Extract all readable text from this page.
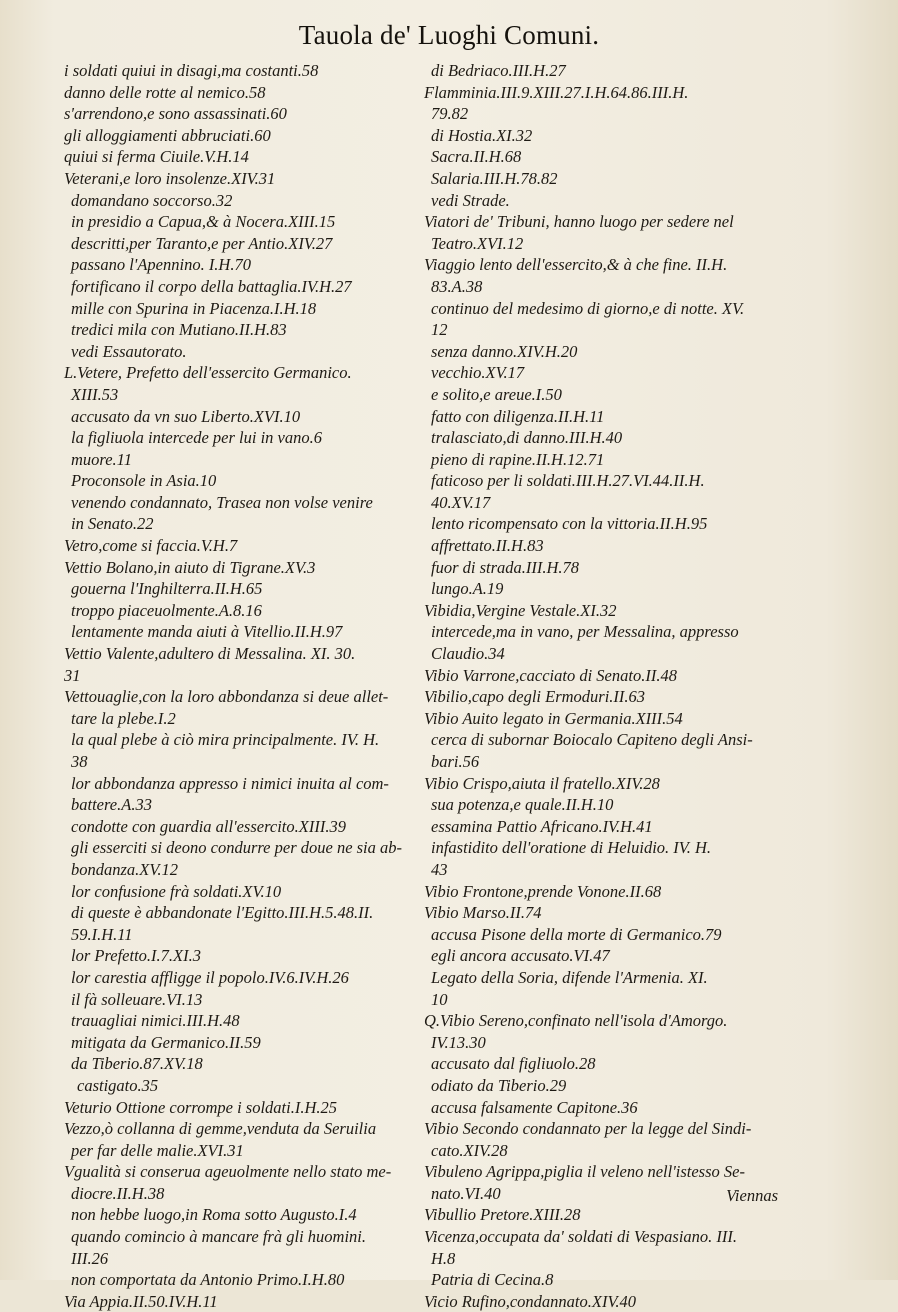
Tauola de' Luoghi Comuni.
i soldati quiui in disagi,ma costanti.58
danno delle rotte al nemico.58
s'arrendono,e sono assassinati.60
gli alloggiamenti abbruciati.60
quiui si ferma Ciuile.V.H.14
Veterani,e loro insolenze.XIV.31
domandano soccorso.32
in presidio a Capua,& à Nocera.XIII.15
descritti,per Taranto,e per Antio.XIV.27
passano l'Apennino. I.H.70
fortificano il corpo della battaglia.IV.H.27
mille con Spurina in Piacenza.I.H.18
tredici mila con Mutiano.II.H.83
vedi Essautorato.
L.Vetere, Prefetto dell'essercito Germanico.
XIII.53
accusato da vn suo Liberto.XVI.10
la figliuola intercede per lui in vano.6
muore.11
Proconsole in Asia.10
venendo condannato, Trasea non volse venire
in Senato.22
Vetro,come si faccia.V.H.7
Vettio Bolano,in aiuto di Tigrane.XV.3
gouerna l'Inghilterra.II.H.65
troppo piaceuolmente.A.8.16
lentamente manda aiuti à Vitellio.II.H.97
Vettio Valente,adultero di Messalina. XI. 30.
31
Vettouaglie,con la loro abbondanza si deue allet-
tare la plebe.I.2
la qual plebe à ciò mira principalmente. IV. H.
38
lor abbondanza appresso i nimici inuita al com-
battere.A.33
condotte con guardia all'essercito.XIII.39
gli esserciti si deono condurre per doue ne sia ab-
bondanza.XV.12
lor confusione frà soldati.XV.10
di queste è abbandonate l'Egitto.III.H.5.48.II.
59.I.H.11
lor Prefetto.I.7.XI.3
lor carestia affligge il popolo.IV.6.IV.H.26
il fà solleuare.VI.13
trauagliai nimici.III.H.48
mitigata da Germanico.II.59
da Tiberio.87.XV.18
castigato.35
Veturio Ottione corrompe i soldati.I.H.25
Vezzo,ò collanna di gemme,venduta da Seruilia
per far delle malie.XVI.31
Vgualità si conserua ageuolmente nello stato me-
diocre.II.H.38
non hebbe luogo,in Roma sotto Augusto.I.4
quando comincio à mancare frà gli huomini.
III.26
non comportata da Antonio Primo.I.H.80
Via Appia.II.50.IV.H.11
di Bedriaco.III.H.27
Flamminia.III.9.XIII.27.I.H.64.86.III.H.
79.82
di Hostia.XI.32
Sacra.II.H.68
Salaria.III.H.78.82
vedi Strade.
Viatori de' Tribuni, hanno luogo per sedere nel
Teatro.XVI.12
Viaggio lento dell'essercito,& à che fine. II.H.
83.A.38
continuo del medesimo di giorno,e di notte. XV.
12
senza danno.XIV.H.20
vecchio.XV.17
e solito,e areue.I.50
fatto con diligenza.II.H.11
tralasciato,di danno.III.H.40
pieno di rapine.II.H.12.71
faticoso per li soldati.III.H.27.VI.44.II.H.
40.XV.17
lento ricompensato con la vittoria.II.H.95
affrettato.II.H.83
fuor di strada.III.H.78
lungo.A.19
Vibidia,Vergine Vestale.XI.32
intercede,ma in vano, per Messalina, appresso
Claudio.34
Vibio Varrone,cacciato di Senato.II.48
Vibilio,capo degli Ermoduri.II.63
Vibio Auito legato in Germania.XIII.54
cerca di subornar Boiocalo Capiteno degli Ansi-
bari.56
Vibio Crispo,aiuta il fratello.XIV.28
sua potenza,e quale.II.H.10
essamina Pattio Africano.IV.H.41
infastidito dell'oratione di Heluidio. IV. H.
43
Vibio Frontone,prende Vonone.II.68
Vibio Marso.II.74
accusa Pisone della morte di Germanico.79
egli ancora accusato.VI.47
Legato della Soria, difende l'Armenia. XI.
10
Q.Vibio Sereno,confinato nell'isola d'Amorgo.
IV.13.30
accusato dal figliuolo.28
odiato da Tiberio.29
accusa falsamente Capitone.36
Vibio Secondo condannato per la legge del Sindi-
cato.XIV.28
Vibuleno Agrippa,piglia il veleno nell'istesso Se-
nato.VI.40
Vibullio Pretore.XIII.28
Vicenza,occupata da' soldati di Vespasiano. III.
H.8
Patria di Cecina.8
Vicio Rufino,condannato.XIV.40
Viennas
